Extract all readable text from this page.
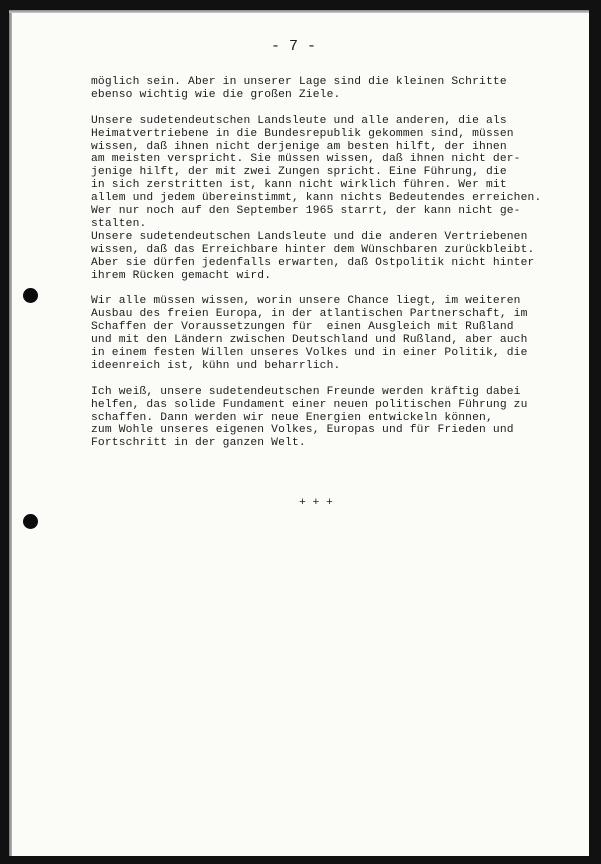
- 7 -
möglich sein. Aber in unserer Lage sind die kleinen Schritte
ebenso wichtig wie die großen Ziele.
Unsere sudetendeutschen Landsleute und alle anderen, die als
Heimatvertriebene in die Bundesrepublik gekommen sind, müssen
wissen, daß ihnen nicht derjenige am besten hilft, der ihnen
am meisten verspricht. Sie müssen wissen, daß ihnen nicht der-
jenige hilft, der mit zwei Zungen spricht. Eine Führung, die
in sich zerstritten ist, kann nicht wirklich führen. Wer mit
allem und jedem übereinstimmt, kann nichts Bedeutendes erreichen.
Wer nur noch auf den September 1965 starrt, der kann nicht ge-
stalten.
Unsere sudetendeutschen Landsleute und die anderen Vertriebenen
wissen, daß das Erreichbare hinter dem Wünschbaren zurückbleibt.
Aber sie dürfen jedenfalls erwarten, daß Ostpolitik nicht hinter
ihrem Rücken gemacht wird.
Wir alle müssen wissen, worin unsere Chance liegt, im weiteren
Ausbau des freien Europa, in der atlantischen Partnerschaft, im
Schaffen der Voraussetzungen für  einen Ausgleich mit Rußland
und mit den Ländern zwischen Deutschland und Rußland, aber auch
in einem festen Willen unseres Volkes und in einer Politik, die
ideenreich ist, kühn und beharrlich.
Ich weiß, unsere sudetendeutschen Freunde werden kräftig dabei
helfen, das solide Fundament einer neuen politischen Führung zu
schaffen. Dann werden wir neue Energien entwickeln können,
zum Wohle unseres eigenen Volkes, Europas und für Frieden und
Fortschritt in der ganzen Welt.
+ + +
